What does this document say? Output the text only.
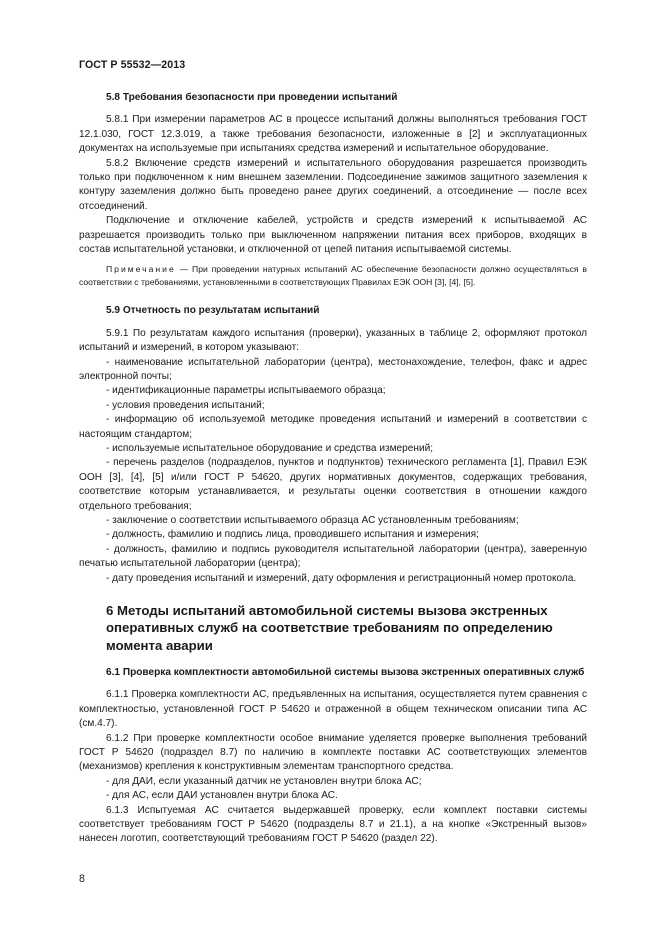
ГОСТ Р 55532—2013

5.8 Требования безопасности при проведении испытаний

5.8.1 При измерении параметров АС в процессе испытаний должны выполняться требования ГОСТ 12.1.030, ГОСТ 12.3.019, а также требования безопасности, изложенные в [2] и эксплуатационных документах на используемые при испытаниях средства измерений и испытательное оборудование.

5.8.2 Включение средств измерений и испытательного оборудования разрешается производить только при подключенном к ним внешнем заземлении. Подсоединение зажимов защитного заземления к контуру заземления должно быть проведено ранее других соединений, а отсоединение — после всех отсоединений.

Подключение и отключение кабелей, устройств и средств измерений к испытываемой АС разрешается производить только при выключенном напряжении питания всех приборов, входящих в состав испытательной установки, и отключенной от цепей питания испытываемой системы.

Примечание — При проведении натурных испытаний АС обеспечение безопасности должно осуществляться в соответствии с требованиями, установленными в соответствующих Правилах ЕЭК ООН [3], [4], [5].

5.9 Отчетность по результатам испытаний

5.9.1 По результатам каждого испытания (проверки), указанных в таблице 2, оформляют протокол испытаний и измерений, в котором указывают:

- наименование испытательной лаборатории (центра), местонахождение, телефон, факс и адрес электронной почты;

- идентификационные параметры испытываемого образца;

- условия проведения испытаний;

- информацию об используемой методике проведения испытаний и измерений в соответствии с настоящим стандартом;

- используемые испытательное оборудование и средства измерений;

- перечень разделов (подразделов, пунктов и подпунктов) технического регламента [1], Правил ЕЭК ООН [3], [4], [5] и/или ГОСТ Р 54620, других нормативных документов, содержащих требования, соответствие которым устанавливается, и результаты оценки соответствия в отношении каждого отдельного требования;

- заключение о соответствии испытываемого образца АС установленным требованиям;

- должность, фамилию и подпись лица, проводившего испытания и измерения;

- должность, фамилию и подпись руководителя испытательной лаборатории (центра), заверенную печатью испытательной лаборатории (центра);

- дату проведения испытаний и измерений, дату оформления и регистрационный номер протокола.

6 Методы испытаний автомобильной системы вызова экстренных оперативных служб на соответствие требованиям по определению момента аварии

6.1 Проверка комплектности автомобильной системы вызова экстренных оперативных служб

6.1.1 Проверка комплектности АС, предъявленных на испытания, осуществляется путем сравнения с комплектностью, установленной ГОСТ Р 54620 и отраженной в общем техническом описании типа АС (см.4.7).

6.1.2 При проверке комплектности особое внимание уделяется проверке выполнения требований ГОСТ Р 54620 (подраздел 8.7) по наличию в комплекте поставки АС соответствующих элементов (механизмов) крепления к конструктивным элементам транспортного средства.

- для ДАИ, если указанный датчик не установлен внутри блока АС;

- для АС, если ДАИ установлен внутри блока АС.

6.1.3 Испытуемая АС считается выдержавшей проверку, если комплект поставки системы соответствует требованиям ГОСТ Р 54620 (подразделы 8.7 и 21.1), а на кнопке «Экстренный вызов» нанесен логотип, соответствующий требованиям ГОСТ Р 54620 (раздел 22).

8
